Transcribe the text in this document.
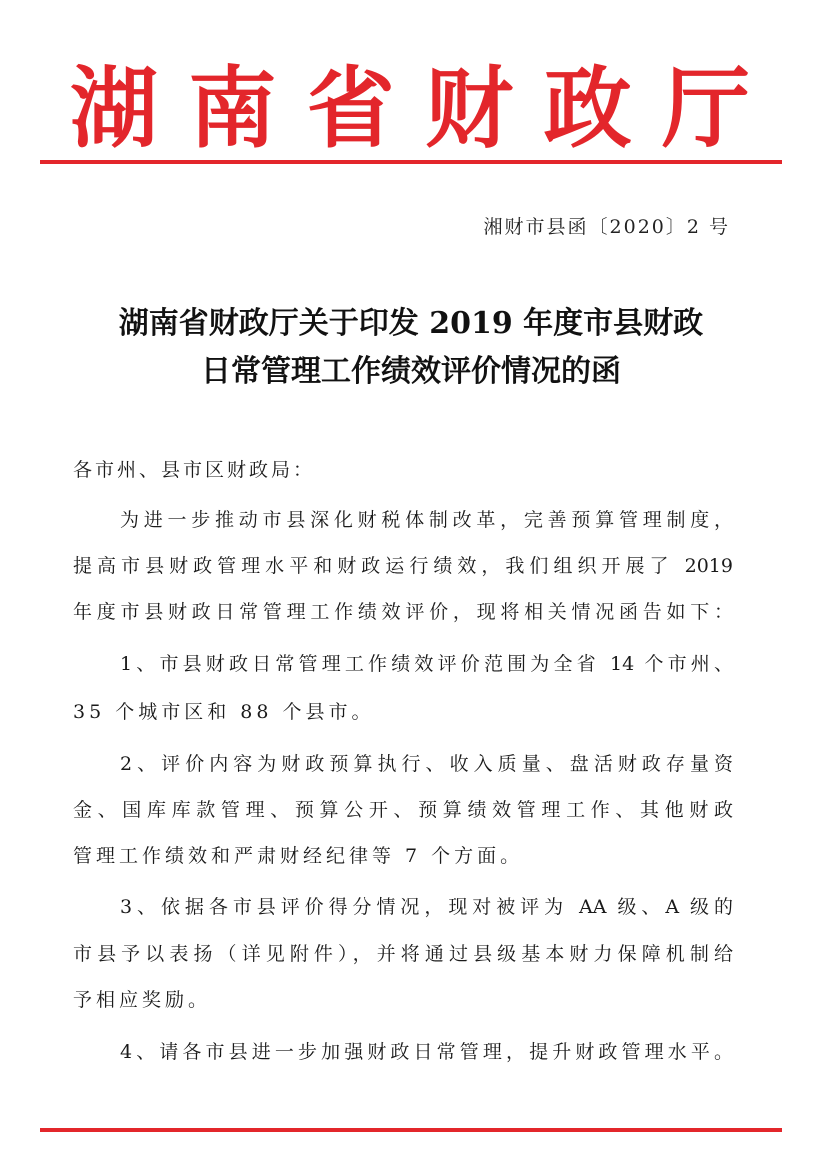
湖 南 省 财 政 厅
湘财市县函〔2020〕2 号
湖南省财政厅关于印发 2019 年度市县财政
日常管理工作绩效评价情况的函
各市州、县市区财政局：
为进一步推动市县深化财税体制改革，完善预算管理制度，
提高市县财政管理水平和财政运行绩效，我们组织开展了 2019
年度市县财政日常管理工作绩效评价，现将相关情况函告如下：
1、市县财政日常管理工作绩效评价范围为全省 14 个市州、
35 个城市区和 88 个县市。
2、评价内容为财政预算执行、收入质量、盘活财政存量资
金、国库库款管理、预算公开、预算绩效管理工作、其他财政
管理工作绩效和严肃财经纪律等 7 个方面。
3、依据各市县评价得分情况，现对被评为 AA 级、A 级的
市县予以表扬（详见附件），并将通过县级基本财力保障机制给
予相应奖励。
4、请各市县进一步加强财政日常管理，提升财政管理水平。
